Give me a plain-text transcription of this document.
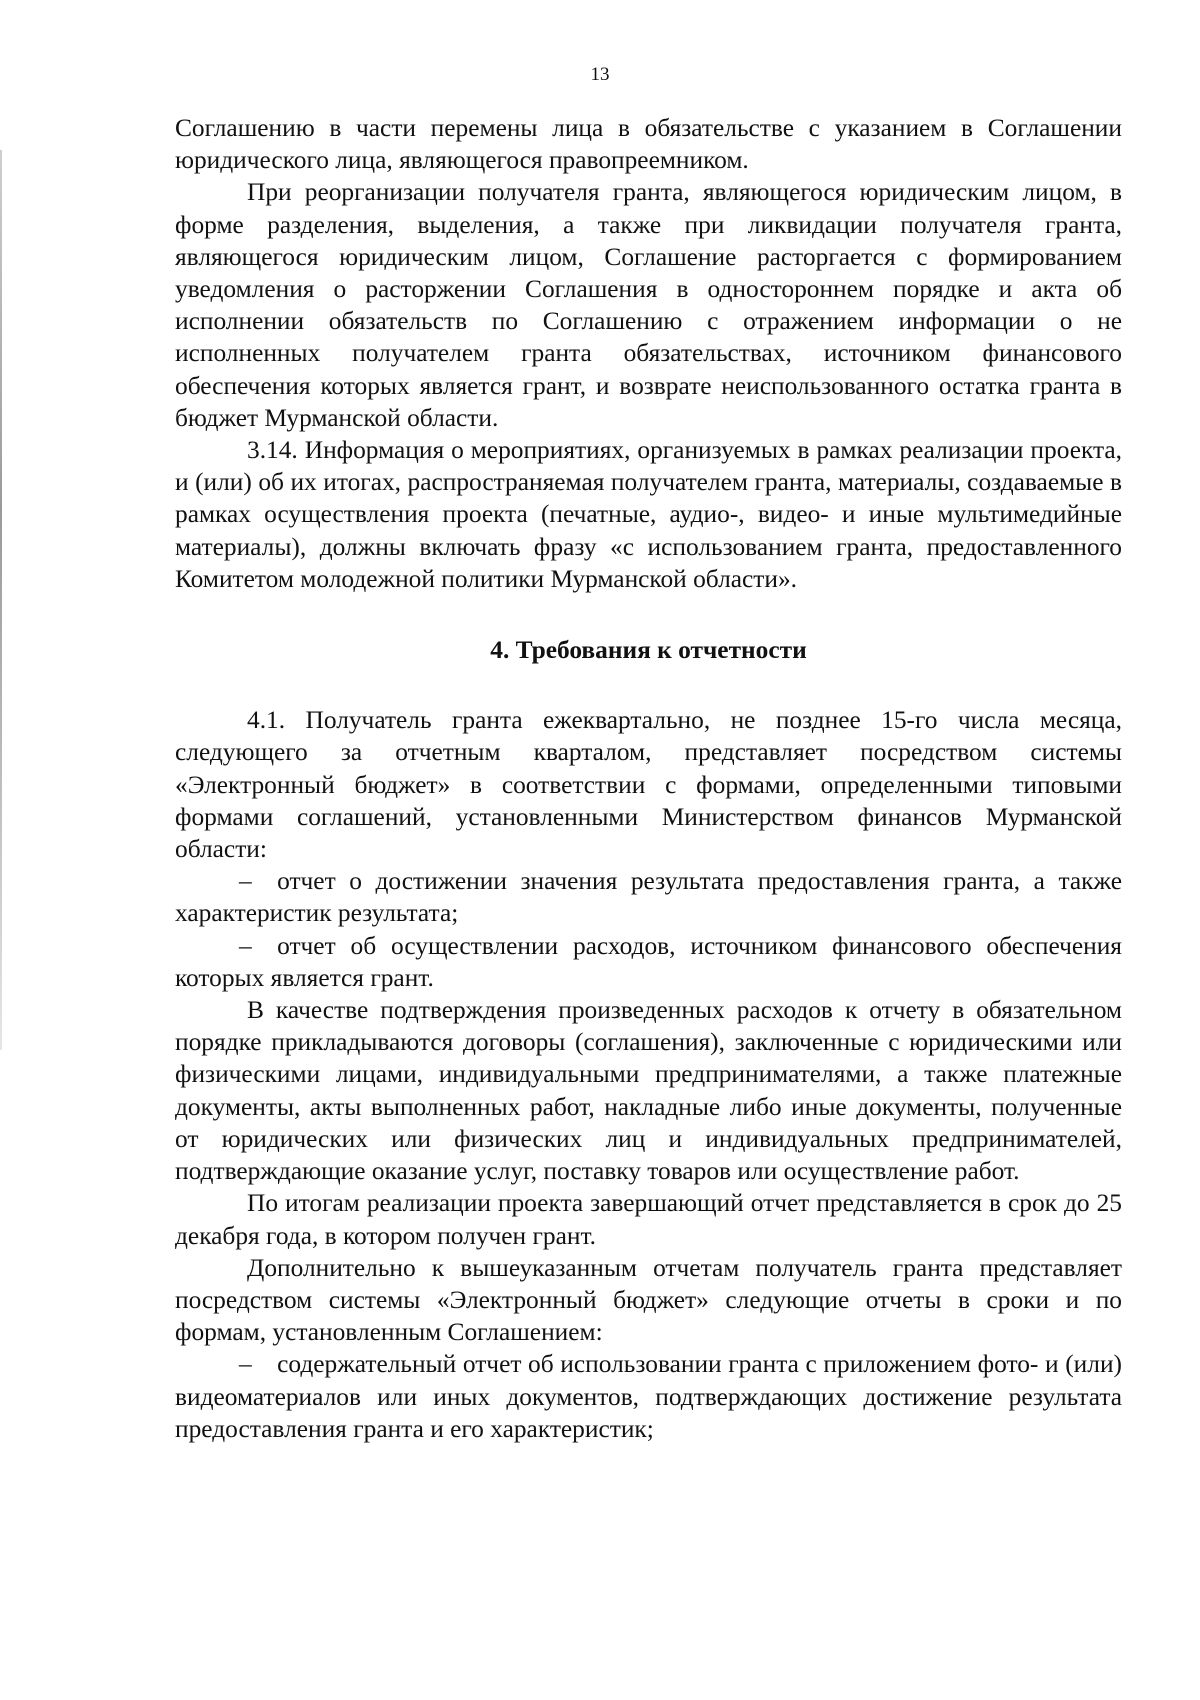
13

Соглашению в части перемены лица в обязательстве с указанием в Соглашении юридического лица, являющегося правопреемником.

При реорганизации получателя гранта, являющегося юридическим лицом, в форме разделения, выделения, а также при ликвидации получателя гранта, являющегося юридическим лицом, Соглашение расторгается с формированием уведомления о расторжении Соглашения в одностороннем порядке и акта об исполнении обязательств по Соглашению с отражением информации о не исполненных получателем гранта обязательствах, источником финансового обеспечения которых является грант, и возврате неиспользованного остатка гранта в бюджет Мурманской области.

3.14. Информация о мероприятиях, организуемых в рамках реализации проекта, и (или) об их итогах, распространяемая получателем гранта, материалы, создаваемые в рамках осуществления проекта (печатные, аудио-, видео- и иные мультимедийные материалы), должны включать фразу «с использованием гранта, предоставленного Комитетом молодежной политики Мурманской области».

4. Требования к отчетности

4.1. Получатель гранта ежеквартально, не позднее 15-го числа месяца, следующего за отчетным кварталом, представляет посредством системы «Электронный бюджет» в соответствии с формами, определенными типовыми формами соглашений, установленными Министерством финансов Мурманской области:

– отчет о достижении значения результата предоставления гранта, а также характеристик результата;

– отчет об осуществлении расходов, источником финансового обеспечения которых является грант.

В качестве подтверждения произведенных расходов к отчету в обязательном порядке прикладываются договоры (соглашения), заключенные с юридическими или физическими лицами, индивидуальными предпринимателями, а также платежные документы, акты выполненных работ, накладные либо иные документы, полученные от юридических или физических лиц и индивидуальных предпринимателей, подтверждающие оказание услуг, поставку товаров или осуществление работ.

По итогам реализации проекта завершающий отчет представляется в срок до 25 декабря года, в котором получен грант.

Дополнительно к вышеуказанным отчетам получатель гранта представляет посредством системы «Электронный бюджет» следующие отчеты в сроки и по формам, установленным Соглашением:

– содержательный отчет об использовании гранта с приложением фото- и (или) видеоматериалов или иных документов, подтверждающих достижение результата предоставления гранта и его характеристик;
